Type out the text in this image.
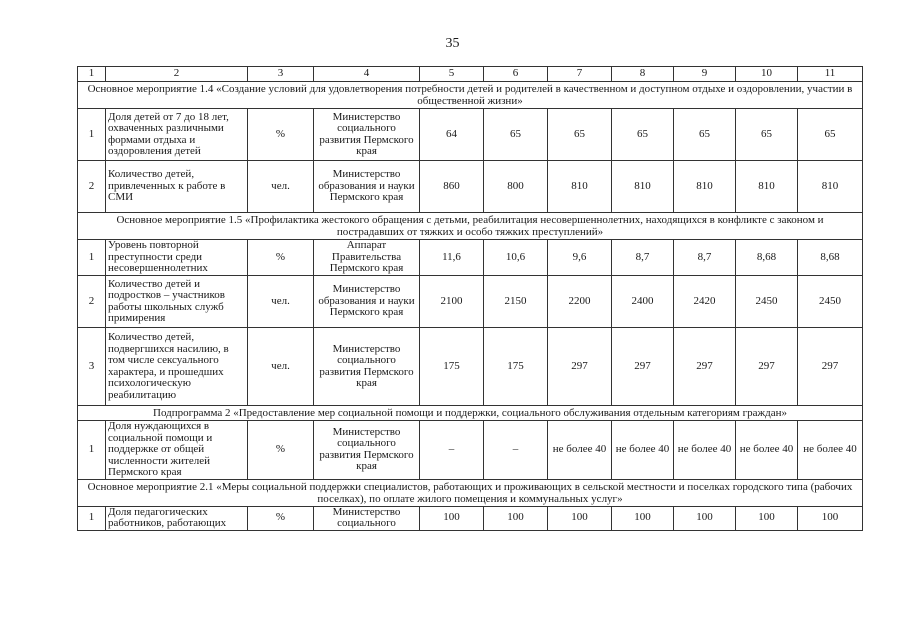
35
1	2	3	4	5	6	7	8	9	10	11
Основное мероприятие 1.4 «Создание условий для удовлетворения потребности детей и родителей в качественном и доступном отдыхе и оздоровлении, участии в общественной жизни»										
1	Доля детей от 7 до 18 лет, охваченных различными формами отдыха и оздоровления детей	%	Министерство социального развития Пермского края	64	65	65	65	65	65	65
2	Количество детей, привлеченных к работе в СМИ	чел.	Министерство образования и науки Пермского края	860	800	810	810	810	810	810
Основное мероприятие 1.5 «Профилактика жестокого обращения с детьми, реабилитация несовершеннолетних, находящихся в конфликте с законом и пострадавших от тяжких и особо тяжких преступлений»										
1	Уровень повторной преступности среди несовершеннолетних	%	Аппарат Правительства Пермского края	11,6	10,6	9,6	8,7	8,7	8,68	8,68
2	Количество детей и подростков – участников работы школьных служб примирения	чел.	Министерство образования и науки Пермского края	2100	2150	2200	2400	2420	2450	2450
3	Количество детей, подвергшихся насилию, в том числе сексуального характера, и прошедших психологическую реабилитацию	чел.	Министерство социального развития Пермского края	175	175	297	297	297	297	297
Подпрограмма 2 «Предоставление мер социальной помощи и поддержки, социального обслуживания отдельным категориям граждан»										
1	Доля нуждающихся в социальной помощи и поддержке от общей численности жителей Пермского края	%	Министерство социального развития Пермского края	–	–	не более 40	не более 40	не более 40	не более 40	не более 40
Основное мероприятие 2.1 «Меры социальной поддержки специалистов, работающих и проживающих в сельской местности и поселках городского типа (рабочих поселках), по оплате жилого помещения и коммунальных услуг»										
1	Доля педагогических работников, работающих	%	Министерство социального	100	100	100	100	100	100	100
